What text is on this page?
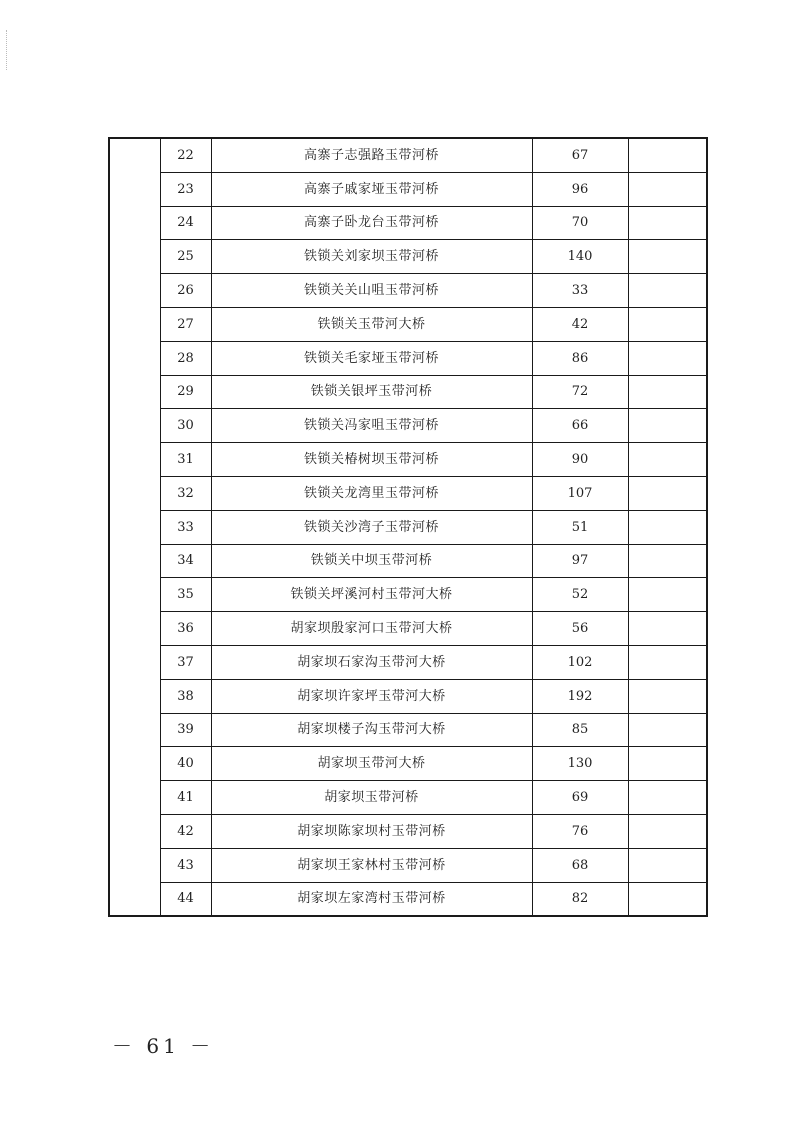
	22	高寨子志强路玉带河桥	67	
	23	高寨子戚家垭玉带河桥	96	
	24	高寨子卧龙台玉带河桥	70	
	25	铁锁关刘家坝玉带河桥	140	
	26	铁锁关关山咀玉带河桥	33	
	27	铁锁关玉带河大桥	42	
	28	铁锁关毛家垭玉带河桥	86	
	29	铁锁关银坪玉带河桥	72	
	30	铁锁关冯家咀玉带河桥	66	
	31	铁锁关椿树坝玉带河桥	90	
	32	铁锁关龙湾里玉带河桥	107	
	33	铁锁关沙湾子玉带河桥	51	
	34	铁锁关中坝玉带河桥	97	
	35	铁锁关坪溪河村玉带河大桥	52	
	36	胡家坝殷家河口玉带河大桥	56	
	37	胡家坝石家沟玉带河大桥	102	
	38	胡家坝许家坪玉带河大桥	192	
	39	胡家坝楼子沟玉带河大桥	85	
	40	胡家坝玉带河大桥	130	
	41	胡家坝玉带河桥	69	
	42	胡家坝陈家坝村玉带河桥	76	
	43	胡家坝王家林村玉带河桥	68	
	44	胡家坝左家湾村玉带河桥	82	
－ 61 －
